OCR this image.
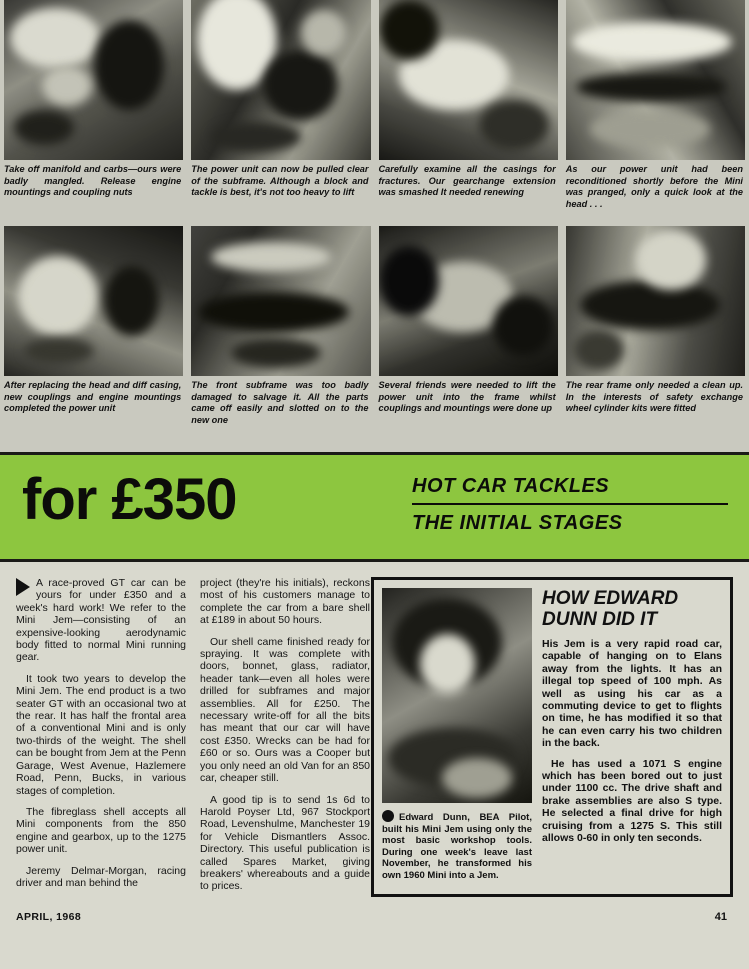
Take off manifold and carbs—ours were badly mangled. Release engine mountings and coupling nuts
The power unit can now be pulled clear of the subframe. Although a block and tackle is best, it's not too heavy to lift
Carefully examine all the casings for fractures. Our gearchange extension was smashed It needed renewing
As our power unit had been reconditioned shortly before the Mini was pranged, only a quick look at the head . . .
After replacing the head and diff casing, new couplings and engine mountings completed the power unit
The front subframe was too badly damaged to salvage it. All the parts came off easily and slotted on to the new one
Several friends were needed to lift the power unit into the frame whilst couplings and mountings were done up
The rear frame only needed a clean up. In the interests of safety exchange wheel cylinder kits were fitted
for £350	HOT CAR TACKLES
THE INITIAL STAGES

A race-proved GT car can be yours for under £350 and a week's hard work! We refer to the Mini Jem—consisting of an expensive-looking aerodynamic body fitted to normal Mini running gear.

It took two years to develop the Mini Jem. The end product is a two seater GT with an occasional two at the rear. It has half the frontal area of a conventional Mini and is only two-thirds of the weight. The shell can be bought from Jem at the Penn Garage, West Avenue, Hazlemere Road, Penn, Bucks, in various stages of completion.

The fibreglass shell accepts all Mini components from the 850 engine and gearbox, up to the 1275 power unit.

Jeremy Delmar-Morgan, racing driver and man behind the

project (they're his initials), reckons most of his customers manage to complete the car from a bare shell at £189 in about 50 hours.

Our shell came finished ready for spraying. It was complete with doors, bonnet, glass, radiator, header tank—even all holes were drilled for subframes and major assemblies. All for £250. The necessary write-off for all the bits has meant that our car will have cost £350. Wrecks can be had for £60 or so. Ours was a Cooper but you only need an old Van for an 850 car, cheaper still.

A good tip is to send 1s 6d to Harold Poyser Ltd, 967 Stockport Road, Levenshulme, Manchester 19 for Vehicle Dismantlers Assoc. Directory. This useful publication is called Spares Market, giving breakers' whereabouts and a guide to prices.

Edward Dunn, BEA Pilot, built his Mini Jem using only the most basic workshop tools. During one week's leave last November, he transformed his own 1960 Mini into a Jem.
HOW EDWARD DUNN DID IT

His Jem is a very rapid road car, capable of hanging on to Elans away from the lights. It has an illegal top speed of 100 mph. As well as using his car as a commuting device to get to flights on time, he has modified it so that he can even carry his two children in the back.

He has used a 1071 S engine which has been bored out to just under 1100 cc. The drive shaft and brake assemblies are also S type. He selected a final drive for high cruising from a 1275 S. This still allows 0-60 in only ten seconds.

APRIL, 1968	41
